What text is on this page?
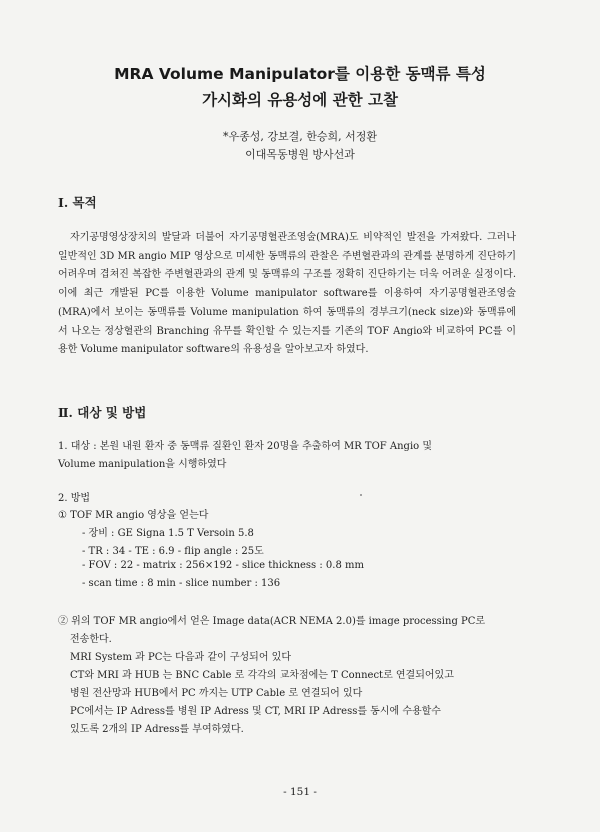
MRA Volume Manipulator를 이용한 동맥류 특성
가시화의 유용성에 관한 고찰
*우종성, 강보결, 한승희, 서정환
이대목동병원 방사선과
Ⅰ. 목적
자기공명영상장치의 발달과 더불어 자기공명혈관조영술(MRA)도 비약적인 발전을 가져왔다. 그러나 일반적인 3D MR angio MIP 영상으로 미세한 동맥류의 관찰은 주변혈관과의 관계를 분명하게 진단하기 어려우며 겹쳐진 복잡한 주변혈관과의 관계 및 동맥류의 구조를 정확히 진단하기는 더욱 어려운 실정이다. 이에 최근 개발된 PC를 이용한 Volume manipulator software를 이용하여 자기공명혈관조영술(MRA)에서 보이는 동맥류를 Volume manipulation 하여 동맥류의 경부크기(neck size)와 동맥류에서 나오는 정상혈관의 Branching 유무를 확인할 수 있는지를 기존의 TOF Angio와 비교하여 PC를 이용한 Volume manipulator software의 유용성을 알아보고자 하였다.
Ⅱ. 대상 및 방법
1. 대상 : 본원 내원 환자 중 동맥류 질환인 환자 20명을 추출하여 MR TOF Angio 및
Volume manipulation을 시행하였다
2. 방법
① TOF MR angio 영상을 얻는다
- 장비 : GE Signa 1.5 T Versoin 5.8
- TR : 34 - TE : 6.9 - flip angle : 25도
- FOV : 22 - matrix : 256×192 - slice thickness : 0.8 mm
- scan time : 8 min - slice number : 136
② 위의 TOF MR angio에서 얻은 Image data(ACR NEMA 2.0)를 image processing PC로
전송한다.
MRI System 과 PC는 다음과 같이 구성되어 있다
CT와 MRI 과 HUB 는 BNC Cable 로 각각의 교차점에는 T Connect로 연결되어있고
병원 전산망과 HUB에서 PC 까지는 UTP Cable 로 연결되어 있다
PC에서는 IP Adress를 병원 IP Adress 및 CT, MRI IP Adress를 동시에 수용할수
있도록 2개의 IP Adress를 부여하였다.
- 151 -
